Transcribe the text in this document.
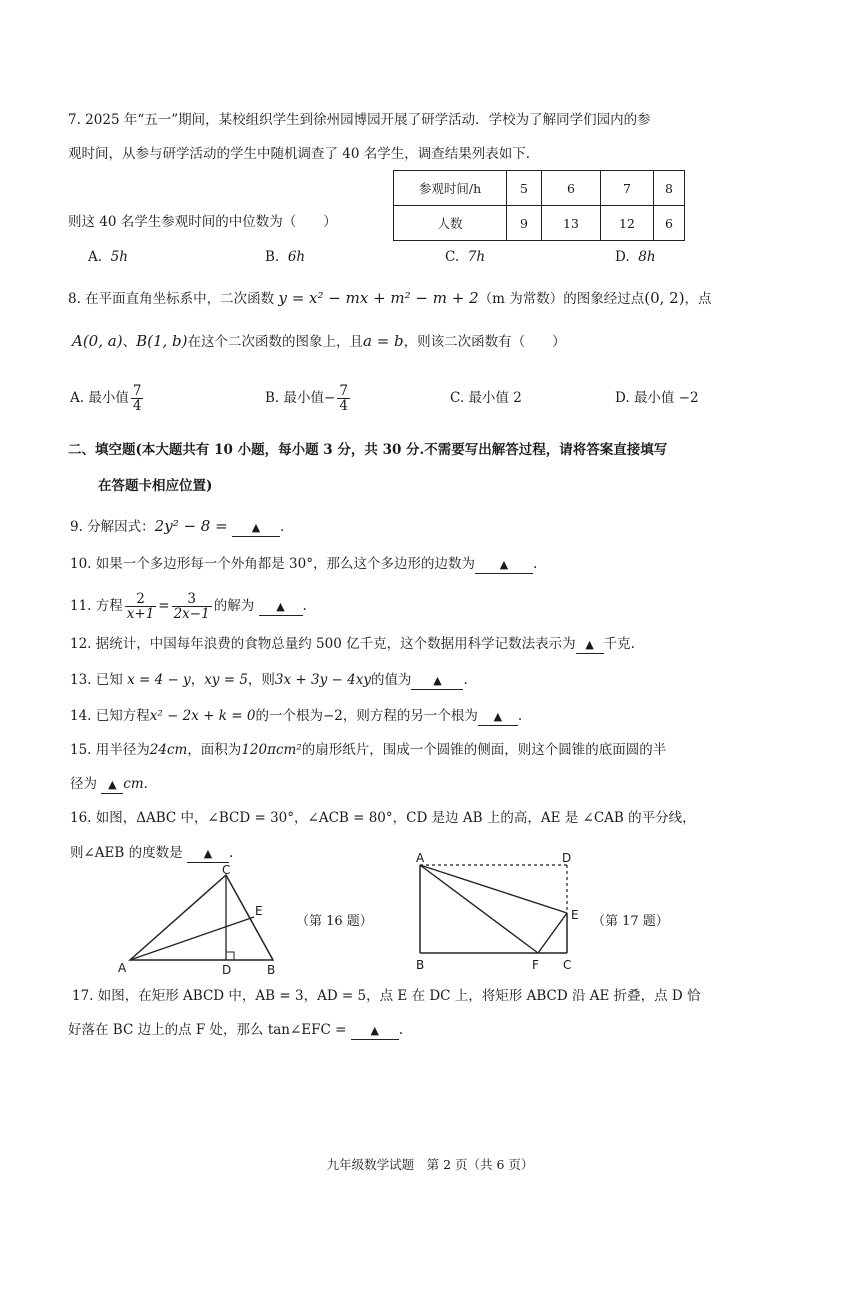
7. 2025 年“五一”期间，某校组织学生到徐州园博园开展了研学活动．学校为了解同学们园内的参
观时间，从参与研学活动的学生中随机调查了 40 名学生，调查结果列表如下．
参观时间/h	5	6	7	8
人数	9	13	12	6
则这 40 名学生参观时间的中位数为（　　）
A. 5h	B. 6h	C. 7h	D. 8h
8. 在平面直角坐标系中，二次函数 y = x² − mx + m² − m + 2（m 为常数）的图象经过点(0, 2)，点
A(0, a)、B(1, b)在这个二次函数的图象上，且a = b，则该二次函数有（　　）
A. 最小值 $\frac{7}{4}$	B. 最小值− $\frac{7}{4}$	C. 最小值 2	D. 最小值 −2
二、填空题(本大题共有 10 小题，每小题 3 分，共 30 分.不需要写出解答过程，请将答案直接填写
在答题卡相应位置)
9. 分解因式：2y² − 8 = ▲ .
10. 如果一个多边形每一个外角都是 30°，那么这个多边形的边数为 ▲ .
11. 方程 $\frac{2}{x+1} = \frac{3}{2x-1}$ 的解为 ▲ .
12. 据统计，中国每年浪费的食物总量约 500 亿千克，这个数据用科学记数法表示为 ▲ 千克.
13. 已知 x = 4 − y，xy = 5，则3x + 3y − 4xy的值为 ▲ .
14. 已知方程x² − 2x + k = 0的一个根为−2，则方程的另一个根为 ▲ .
15. 用半径为24cm，面积为120πcm²的扇形纸片，围成一个圆锥的侧面，则这个圆锥的底面圆的半
径为 ▲ cm.
16. 如图，ΔABC 中，∠BCD = 30°，∠ACB = 80°，CD 是边 AB 上的高，AE 是 ∠CAB 的平分线，
则∠AEB 的度数是 ▲ .
A
C
D	B
E
（第 16 题）
A	D
E
B	F C
（第 17 题）
17. 如图，在矩形 ABCD 中，AB = 3，AD = 5，点 E 在 DC 上，将矩形 ABCD 沿 AE 折叠，点 D 恰
好落在 BC 边上的点 F 处，那么 tan∠EFC = ▲ .
九年级数学试题　第 2 页（共 6 页）
